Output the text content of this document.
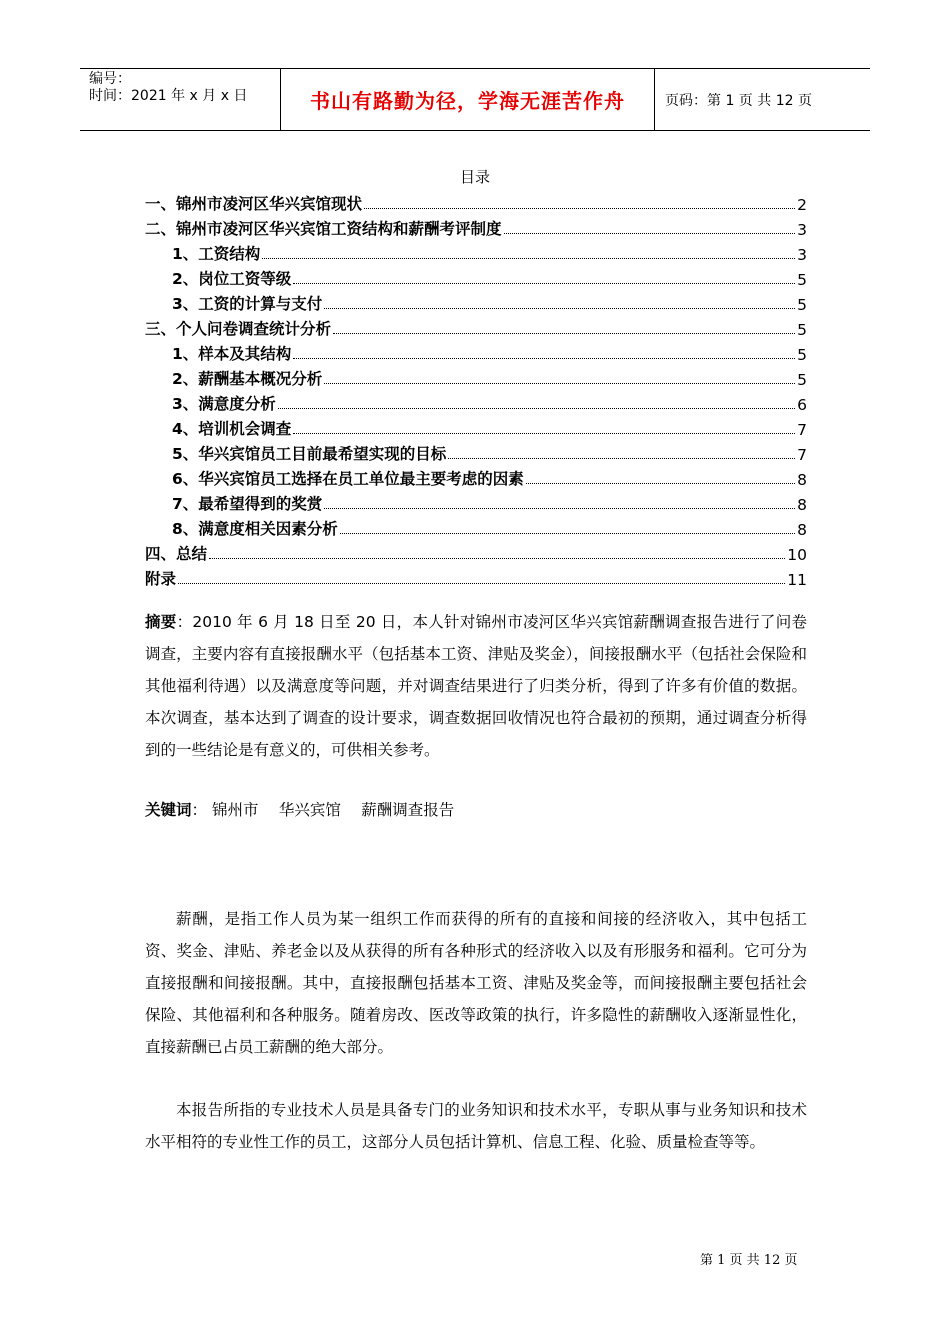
编号：
时间：2021 年 x 月 x 日	书山有路勤为径，学海无涯苦作舟	页码：第 1 页 共 12 页
目录
一、锦州市凌河区华兴宾馆现状	2
二、锦州市凌河区华兴宾馆工资结构和薪酬考评制度	3
1、工资结构	3
2、岗位工资等级	5
3、工资的计算与支付	5
三、个人问卷调查统计分析	5
1、样本及其结构	5
2、薪酬基本概况分析	5
3、满意度分析	6
4、培训机会调查	7
5、华兴宾馆员工目前最希望实现的目标	7
6、华兴宾馆员工选择在员工单位最主要考虑的因素	8
7、最希望得到的奖赏	8
8、满意度相关因素分析	8
四、总结	10
附录	11
摘要：2010 年 6 月 18 日至 20 日，本人针对锦州市凌河区华兴宾馆薪酬调查报告进行了问卷调查，主要内容有直接报酬水平（包括基本工资、津贴及奖金），间接报酬水平（包括社会保险和其他福利待遇）以及满意度等问题，并对调查结果进行了归类分析，得到了许多有价值的数据。本次调查，基本达到了调查的设计要求，调查数据回收情况也符合最初的预期，通过调查分析得到的一些结论是有意义的，可供相关参考。
关键词： 锦州市　 华兴宾馆　 薪酬调查报告
薪酬，是指工作人员为某一组织工作而获得的所有的直接和间接的经济收入，其中包括工资、奖金、津贴、养老金以及从获得的所有各种形式的经济收入以及有形服务和福利。它可分为直接报酬和间接报酬。其中，直接报酬包括基本工资、津贴及奖金等，而间接报酬主要包括社会保险、其他福利和各种服务。随着房改、医改等政策的执行，许多隐性的薪酬收入逐渐显性化，直接薪酬已占员工薪酬的绝大部分。
本报告所指的专业技术人员是具备专门的业务知识和技术水平，专职从事与业务知识和技术水平相符的专业性工作的员工，这部分人员包括计算机、信息工程、化验、质量检查等等。
第 1 页 共 12 页
